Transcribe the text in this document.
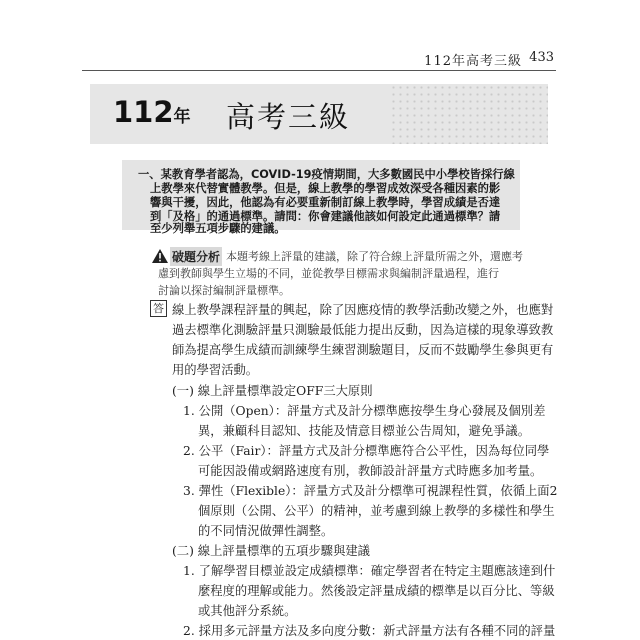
112年高考三級 433
112年 高考三級
一、某教育學者認為，COVID-19疫情期間，大多數國民中小學校皆採行線
上教學來代替實體教學。但是，線上教學的學習成效深受各種因素的影
響與干擾，因此，他認為有必要重新制訂線上教學時，學習成績是否達
到「及格」的通過標準。請問：你會建議他該如何設定此通過標準？請
至少列舉五項步驟的建議。
破題分析 本題考線上評量的建議，除了符合線上評量所需之外，還應考
慮到教師與學生立場的不同，並從教學目標需求與編制評量過程，進行
討論以探討編制評量標準。
答 線上教學課程評量的興起，除了因應疫情的教學活動改變之外，也應對
過去標準化測驗評量只測驗最低能力提出反動，因為這樣的現象導致教
師為提高學生成績而訓練學生練習測驗題目，反而不鼓勵學生參與更有
用的學習活動。
(一) 線上評量標準設定OFF三大原則
1. 公開（Open）：評量方式及計分標準應按學生身心發展及個別差
異，兼顧科目認知、技能及情意目標並公告周知，避免爭議。
2. 公平（Fair）：評量方式及計分標準應符合公平性，因為每位同學
可能因設備或網路速度有別，教師設計評量方式時應多加考量。
3. 彈性（Flexible）：評量方式及計分標準可視課程性質，依循上面2
個原則（公開、公平）的精神，並考慮到線上教學的多樣性和學生
的不同情況做彈性調整。
(二) 線上評量標準的五項步驟與建議
1. 了解學習目標並設定成績標準：確定學習者在特定主題應該達到什
麼程度的理解或能力。然後設定評量成績的標準是以百分比、等級
或其他評分系統。
2. 採用多元評量方法及多向度分數：新式評量方法有各種不同的評量
